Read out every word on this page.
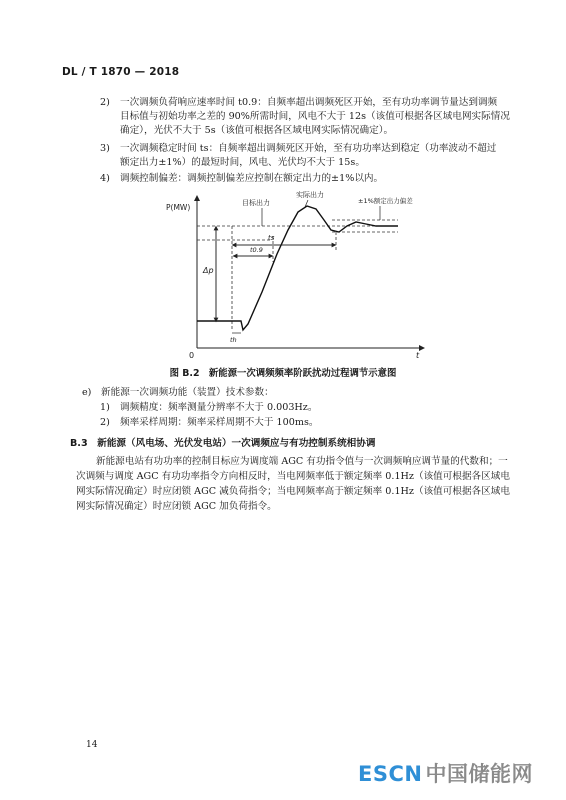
DL / T 1870 — 2018
2) 一次调频负荷响应速率时间 t0.9：自频率超出调频死区开始，至有功功率调节量达到调频
目标值与初始功率之差的 90%所需时间，风电不大于 12s（该值可根据各区域电网实际情况
确定），光伏不大于 5s（该值可根据各区域电网实际情况确定）。
3) 一次调频稳定时间 ts：自频率超出调频死区开始，至有功功率达到稳定（功率波动不超过
额定出力±1%）的最短时间，风电、光伏均不大于 15s。
4) 调频控制偏差：调频控制偏差应控制在额定出力的±1%以内。
P(MW)
t
0
Δp
ts
t0.9
th
目标出力
实际出力
±1%额定出力偏差
图 B.2　新能源一次调频频率阶跃扰动过程调节示意图
e)　新能源一次调频功能（装置）技术参数：
1) 调频精度：频率测量分辨率不大于 0.003Hz。
2) 频率采样周期：频率采样周期不大于 100ms。
B.3　新能源（风电场、光伏发电站）一次调频应与有功控制系统相协调
新能源电站有功功率的控制目标应为调度端 AGC 有功指令值与一次调频响应调节量的代数和；一
次调频与调度 AGC 有功功率指令方向相反时，当电网频率低于额定频率 0.1Hz（该值可根据各区域电
网实际情况确定）时应闭锁 AGC 减负荷指令；当电网频率高于额定频率 0.1Hz（该值可根据各区域电
网实际情况确定）时应闭锁 AGC 加负荷指令。
14
ESCN 中国储能网
